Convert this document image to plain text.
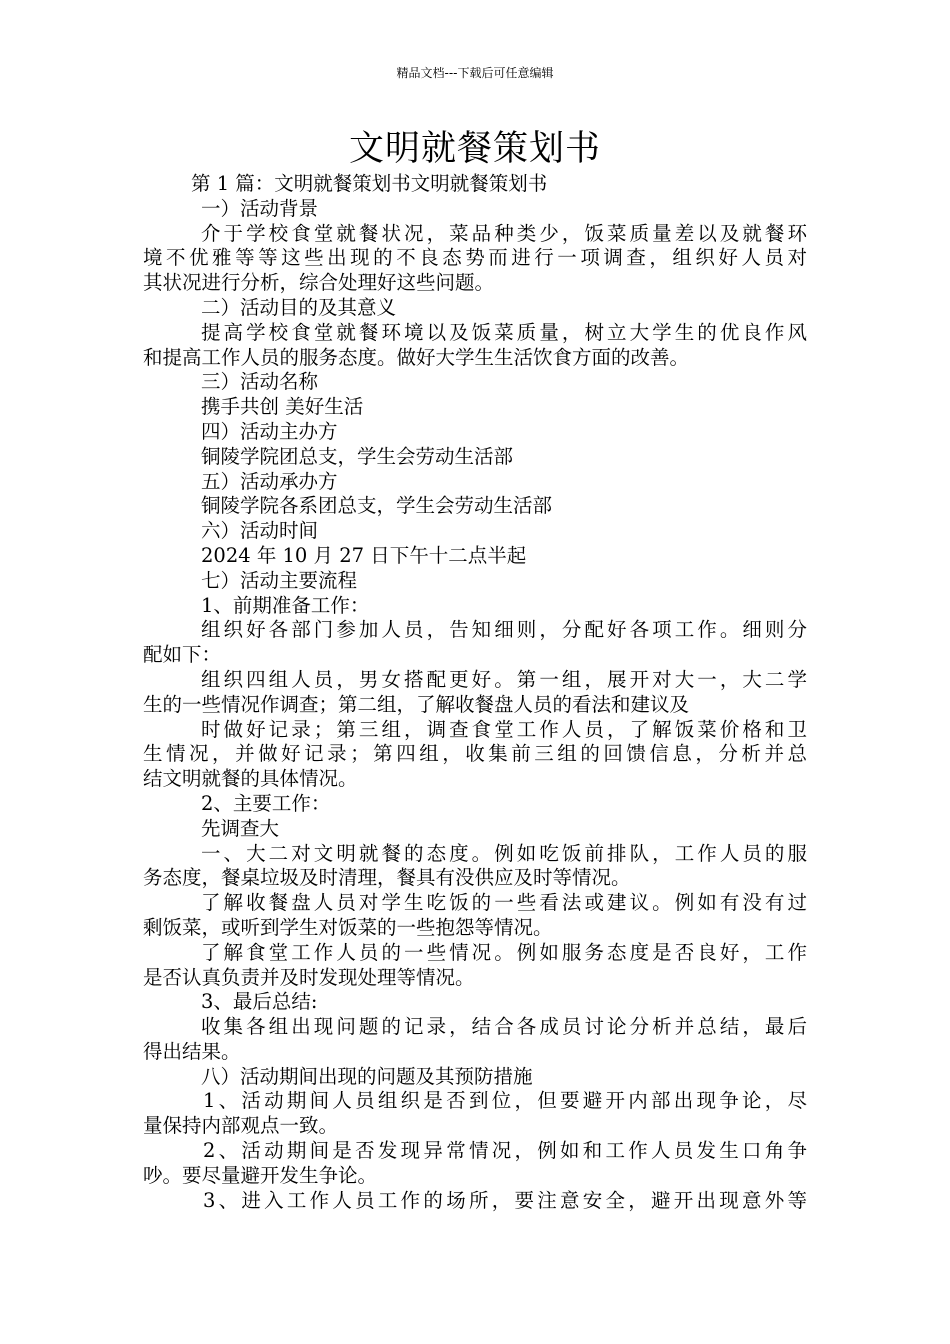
精品文档---下载后可任意编辑
文明就餐策划书
第 1 篇：文明就餐策划书文明就餐策划书
一）活动背景
介于学校食堂就餐状况，菜品种类少，饭菜质量差以及就餐环
境不优雅等等这些出现的不良态势而进行一项调查，组织好人员对
其状况进行分析，综合处理好这些问题。
二）活动目的及其意义
提高学校食堂就餐环境以及饭菜质量，树立大学生的优良作风
和提高工作人员的服务态度。做好大学生生活饮食方面的改善。
三）活动名称
携手共创 美好生活
四）活动主办方
铜陵学院团总支，学生会劳动生活部
五）活动承办方
铜陵学院各系团总支，学生会劳动生活部
六）活动时间
2024 年 10 月 27 日下午十二点半起
七）活动主要流程
1、前期准备工作：
组织好各部门参加人员，告知细则，分配好各项工作。细则分
配如下：
组织四组人员，男女搭配更好。第一组，展开对大一，大二学
生的一些情况作调查；第二组，了解收餐盘人员的看法和建议及
时做好记录；第三组，调查食堂工作人员，了解饭菜价格和卫
生情况，并做好记录；第四组，收集前三组的回馈信息，分析并总
结文明就餐的具体情况。
2、主要工作：
先调查大
一、大二对文明就餐的态度。例如吃饭前排队，工作人员的服
务态度，餐桌垃圾及时清理，餐具有没供应及时等情况。
了解收餐盘人员对学生吃饭的一些看法或建议。例如有没有过
剩饭菜，或听到学生对饭菜的一些抱怨等情况。
了解食堂工作人员的一些情况。例如服务态度是否良好，工作
是否认真负责并及时发现处理等情况。
3、最后总结:
收集各组出现问题的记录，结合各成员讨论分析并总结，最后
得出结果。
八）活动期间出现的问题及其预防措施
1、活动期间人员组织是否到位，但要避开内部出现争论，尽
量保持内部观点一致。
2、活动期间是否发现异常情况，例如和工作人员发生口角争
吵。要尽量避开发生争论。
3、进入工作人员工作的场所，要注意安全，避开出现意外等
